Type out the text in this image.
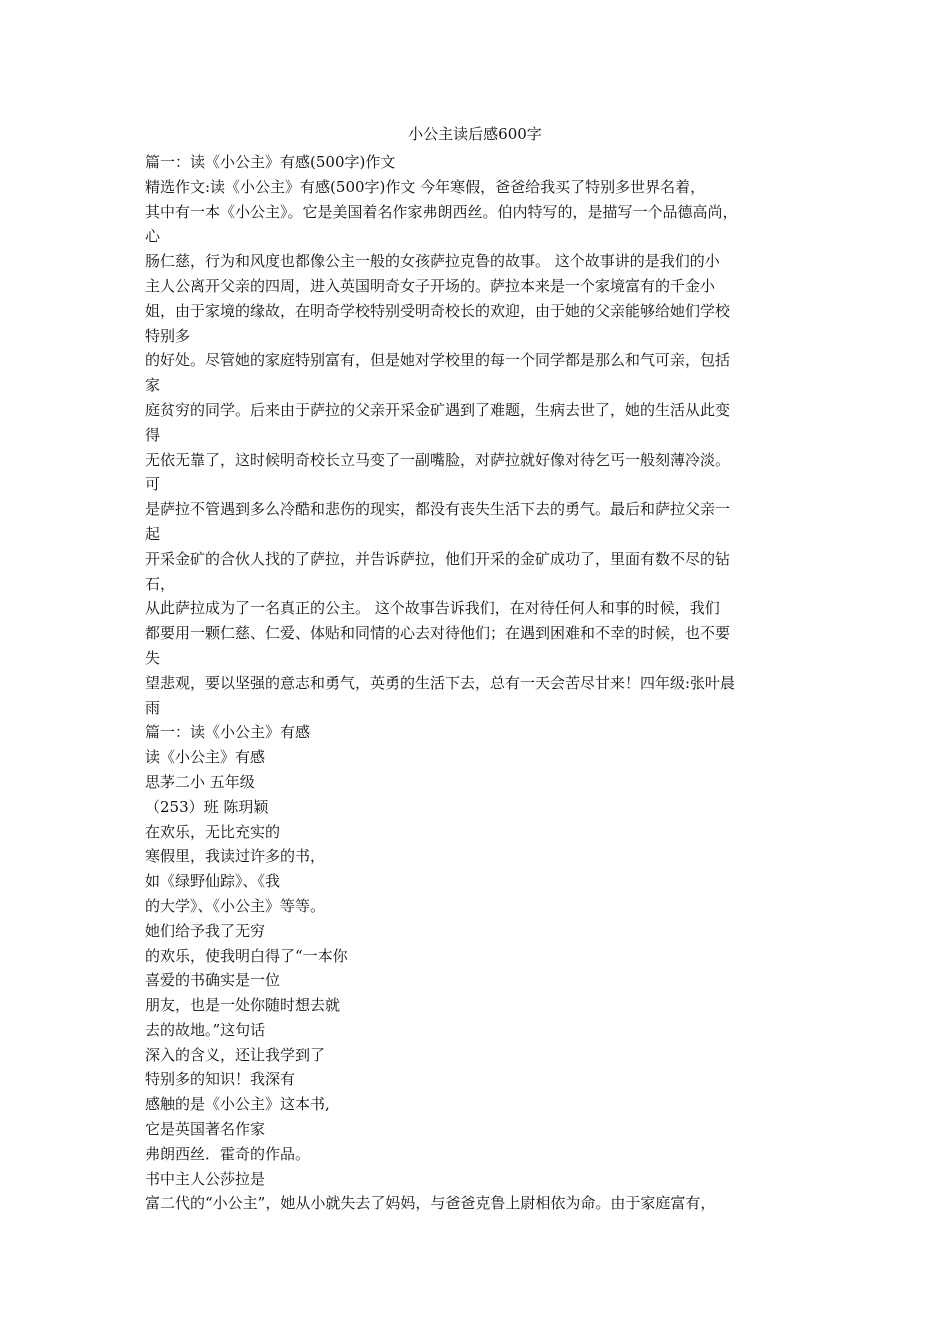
小公主读后感600字
篇一：读《小公主》有感(500字)作文
精选作文:读《小公主》有感(500字)作文 今年寒假，爸爸给我买了特别多世界名着，
其中有一本《小公主》。它是美国着名作家弗朗西丝。伯内特写的，是描写一个品德高尚，
心
肠仁慈，行为和风度也都像公主一般的女孩萨拉克鲁的故事。 这个故事讲的是我们的小
主人公离开父亲的四周，进入英国明奇女子开场的。萨拉本来是一个家境富有的千金小
姐，由于家境的缘故，在明奇学校特别受明奇校长的欢迎，由于她的父亲能够给她们学校
特别多
的好处。尽管她的家庭特别富有，但是她对学校里的每一个同学都是那么和气可亲，包括
家
庭贫穷的同学。后来由于萨拉的父亲开采金矿遇到了难题，生病去世了，她的生活从此变
得
无依无靠了，这时候明奇校长立马变了一副嘴脸，对萨拉就好像对待乞丐一般刻薄冷淡。
可
是萨拉不管遇到多么冷酷和悲伤的现实，都没有丧失生活下去的勇气。最后和萨拉父亲一
起
开采金矿的合伙人找的了萨拉，并告诉萨拉，他们开采的金矿成功了，里面有数不尽的钻
石，
从此萨拉成为了一名真正的公主。 这个故事告诉我们，在对待任何人和事的时候，我们
都要用一颗仁慈、仁爱、体贴和同情的心去对待他们；在遇到困难和不幸的时候，也不要
失
望悲观，要以坚强的意志和勇气，英勇的生活下去，总有一天会苦尽甘来！四年级:张叶晨
雨
篇一：读《小公主》有感
读《小公主》有感
思茅二小 五年级
（253）班 陈玥颖
在欢乐，无比充实的
寒假里，我读过许多的书，
如《绿野仙踪》、《我
的大学》、《小公主》等等。
她们给予我了无穷
的欢乐，使我明白得了“一本你
喜爱的书确实是一位
朋友，也是一处你随时想去就
去的故地。”这句话
深入的含义，还让我学到了
特别多的知识！我深有
感触的是《小公主》这本书,
它是英国著名作家
弗朗西丝．霍奇的作品。
书中主人公莎拉是
富二代的“小公主”，她从小就失去了妈妈，与爸爸克鲁上尉相依为命。由于家庭富有，
